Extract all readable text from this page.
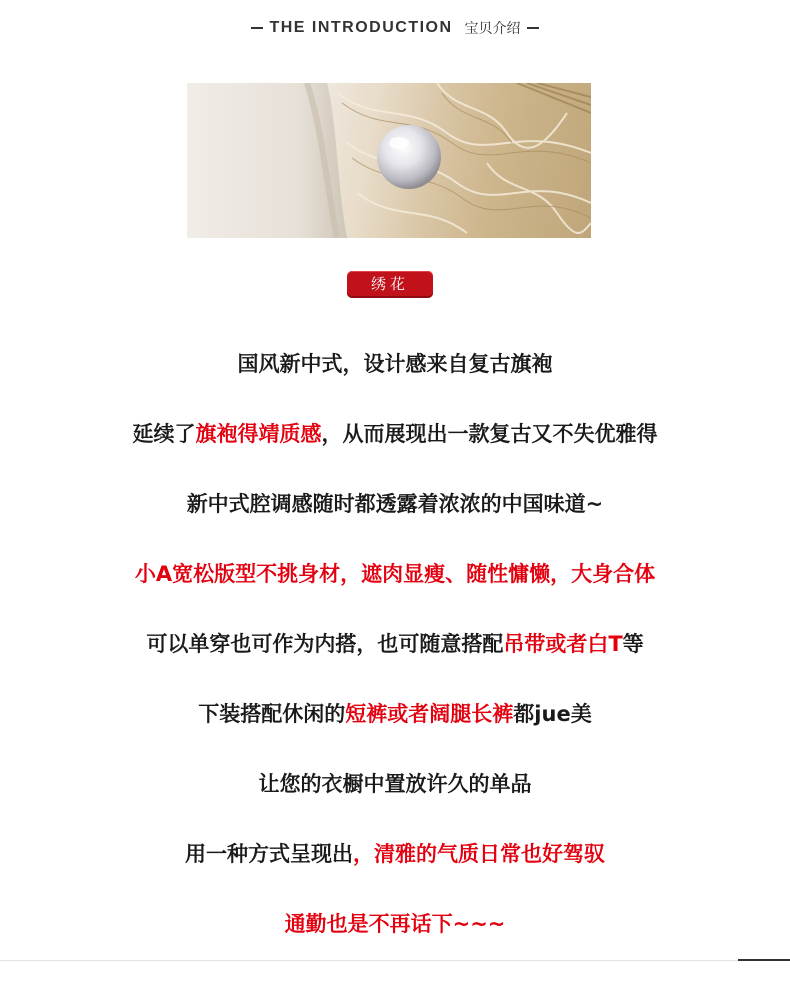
THE INTRODUCTION 宝贝介绍
绣花
国风新中式，设计感来自复古旗袍
延续了旗袍得靖质感，从而展现出一款复古又不失优雅得
新中式腔调感随时都透露着浓浓的中国味道~
小A宽松版型不挑身材，遮肉显瘦、随性慵懒，大身合体
可以单穿也可作为内搭，也可随意搭配吊带或者白T等
下装搭配休闲的短裤或者阔腿长裤都jue美
让您的衣橱中置放许久的单品
用一种方式呈现出，清雅的气质日常也好驾驭
通勤也是不再话下~~~
